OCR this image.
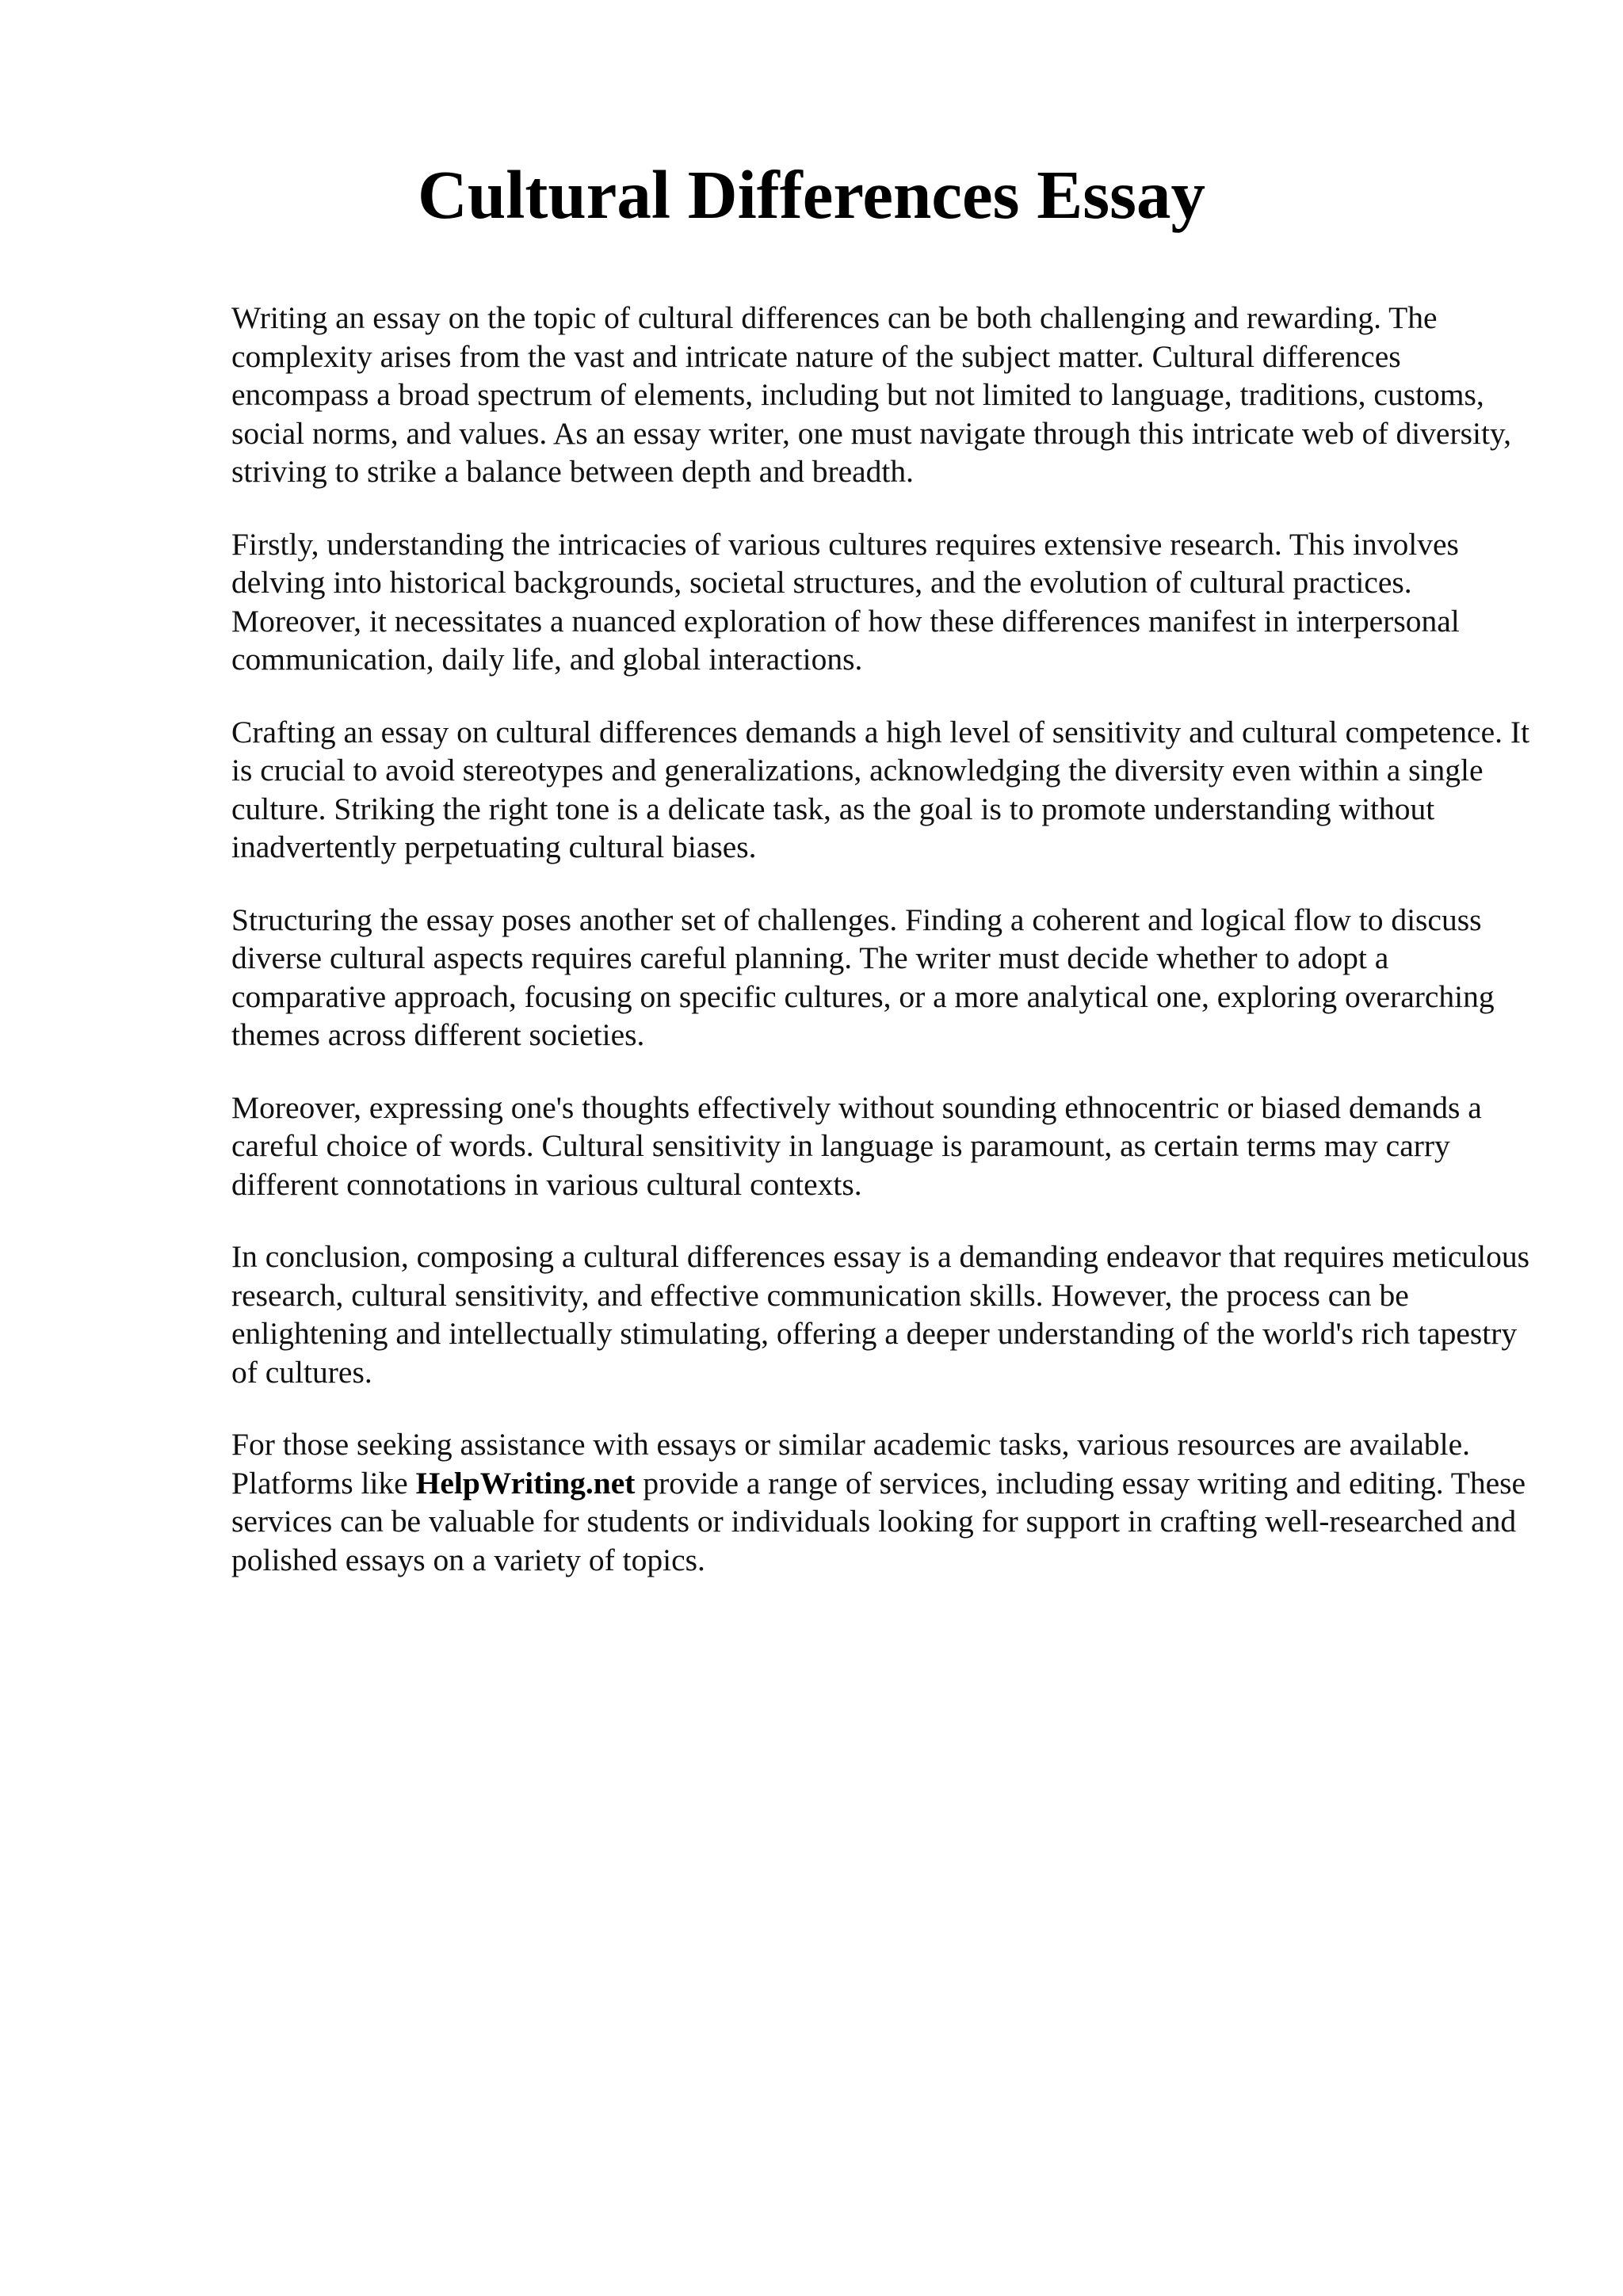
Cultural Differences Essay

Writing an essay on the topic of cultural differences can be both challenging and rewarding. The complexity arises from the vast and intricate nature of the subject matter. Cultural differences encompass a broad spectrum of elements, including but not limited to language, traditions, customs, social norms, and values. As an essay writer, one must navigate through this intricate web of diversity, striving to strike a balance between depth and breadth.

Firstly, understanding the intricacies of various cultures requires extensive research. This involves delving into historical backgrounds, societal structures, and the evolution of cultural practices. Moreover, it necessitates a nuanced exploration of how these differences manifest in interpersonal communication, daily life, and global interactions.

Crafting an essay on cultural differences demands a high level of sensitivity and cultural competence. It is crucial to avoid stereotypes and generalizations, acknowledging the diversity even within a single culture. Striking the right tone is a delicate task, as the goal is to promote understanding without inadvertently perpetuating cultural biases.

Structuring the essay poses another set of challenges. Finding a coherent and logical flow to discuss diverse cultural aspects requires careful planning. The writer must decide whether to adopt a comparative approach, focusing on specific cultures, or a more analytical one, exploring overarching themes across different societies.

Moreover, expressing one's thoughts effectively without sounding ethnocentric or biased demands a careful choice of words. Cultural sensitivity in language is paramount, as certain terms may carry different connotations in various cultural contexts.

In conclusion, composing a cultural differences essay is a demanding endeavor that requires meticulous research, cultural sensitivity, and effective communication skills. However, the process can be enlightening and intellectually stimulating, offering a deeper understanding of the world's rich tapestry of cultures.

For those seeking assistance with essays or similar academic tasks, various resources are available. Platforms like HelpWriting.net provide a range of services, including essay writing and editing. These services can be valuable for students or individuals looking for support in crafting well-researched and polished essays on a variety of topics.
